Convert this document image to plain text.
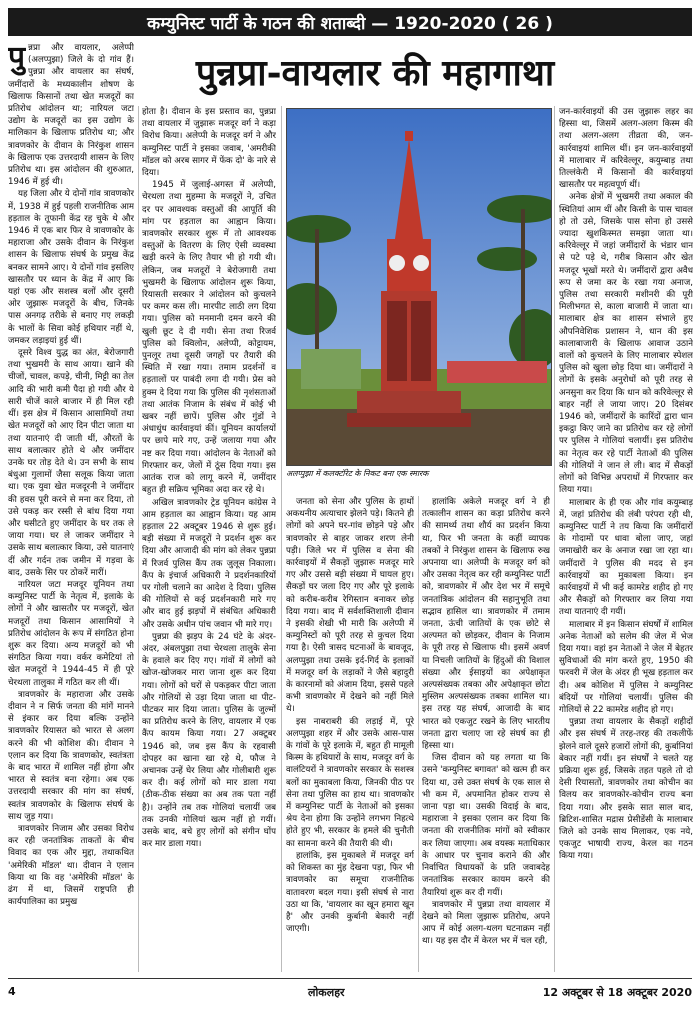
कम्युनिस्ट पार्टी के गठन की शताब्दी — 1920-2020 ( 26 )
पुन्नप्रा-वायलार की महागाथा
पु न्नप्रा और वायलार, अलेप्पी (अलप्पुझा) जिले के दो गांव हैं। पुन्नप्रा और वायलार का संघर्ष, जमींदारों के मध्यकालीन शोषण के खिलाफ किसानों तथा खेत मजदूरों का प्रतिरोध आंदोलन था; नारियल जटा उद्योग के मजदूरों का इस उद्योग के मालिकान के खिलाफ प्रतिरोध था; और त्रावणकोर के दीवान के निरंकुश शासन के खिलाफ एक उत्तरदायी शासन के लिए प्रतिरोध था। इस आंदोलन की शुरुआत, 1946 में हुई थी।

यह जिला और ये दोनों गांव त्रावणकोर में, 1938 में हुई पहली राजनीतिक आम हड़ताल के तूफानी केंद्र रह चुके थे और 1946 में एक बार फिर वे त्रावणकोर के महाराजा और उसके दीवान के निरंकुश शासन के खिलाफ संघर्ष के प्रमुख केंद्र बनकर सामने आए। ये दोनों गांव इसलिए खासतौर पर ध्यान के केंद्र में आए कि यहां एक और सशस्त्र बलों और दूसरी ओर जुझारू मजदूरों के बीच, जिनके पास अनगढ़ तरीके से बनाए गए लकड़ी के भालों के सिवा कोई हथियार नहीं थे, जमकर लड़ाइयां हुई थीं।

दूसरे विश्व युद्ध का अंत, बेरोजगारी तथा भुखमरी के साथ आया। खाने की चीजों, चावल, कपड़े, चीनी, मिट्टी का तेल आदि की भारी कमी पैदा हो गयी और ये सारी चीजें काले बाजार में ही मिल रही थीं। इस क्षेत्र में किसान आसामियों तथा खेत मजदूरों को आए दिन पीटा जाता था तथा यातनाएं दी जाती थीं, औरतों के साथ बलात्कार होते थे और जमींदार उनके घर तोड़ देते थे। उन सभी के साथ बंधुआ गुलामों जैसा सलूक किया जाता था। एक युवा खेत मजदूरनी ने जमींदार की हवस पूरी करने से मना कर दिया, तो उसे पकड़ कर रस्सी से बांध दिया गया और घसीटते हुए जमींदार के घर तक ले जाया गया। घर ले जाकर जमींदार ने उसके साथ बलात्कार किया, उसे यातनाएं दीं और गर्दन तक जमीन में गड़वा के बाद, उसके सिर पर ठोकरें मारीं।

नारियल जटा मजदूर यूनियन तथा कम्युनिस्ट पार्टी के नेतृत्व में, इलाके के लोगों ने और खासतौर पर मजदूरों, खेत मजदूरों तथा किसान आसामियों ने प्रतिरोध आंदोलन के रूप में संगठित होना शुरू कर दिया। अन्य मजदूरों को भी संगठित किया गया। वर्कर कमेटियां तो खेत मजदूरों ने 1944-45 में ही पूरे चेरथला तालुका में गठित कर ली थीं।

त्रावणकोर के महाराजा और उसके दीवान ने न सिर्फ जनता की मांगें मानने से इंकार कर दिया बल्कि उन्होंने त्रावणकोर रियासत को भारत से अलग करने की भी कोशिश की। दीवान ने एलान कर दिया कि त्रावणकोर, स्वतंत्रता के बाद भारत में शामिल नहीं होगा और भारत से स्वतंत्र बना रहेगा। अब एक उत्तरदायी सरकार की मांग का संघर्ष, स्वतंत्र त्रावणकोर के खिलाफ संघर्ष के साथ जुड़ गया।

त्रावणकोर निजाम और उसका विरोध कर रही जनतांत्रिक ताकतों के बीच विवाद का एक और मुद्दा, तथाकथित 'अमेरिकी मॉडल' था। दीवान ने एलान किया था कि वह 'अमेरिकी मॉडल' के ढंग में था, जिसमें राष्ट्रपति ही कार्यपालिका का प्रमुख

होता है। दीवान के इस प्रस्ताव का, पुन्नप्रा तथा वायलार में जुझारू मजदूर वर्ग ने कड़ा विरोध किया। अलेप्पी के मजदूर वर्ग ने और कम्युनिस्ट पार्टी ने इसका जवाब, 'अमरीकी मॉडल को अरब सागर में फेंक दो' के नारे से दिया।

1945 में जुलाई-अगस्त में अलेप्पी, चेरथला तथा मुहम्मा के मजदूरों ने, उचित दर पर आवश्यक वस्तुओं की आपूर्ति की मांग पर हड़ताल का आह्वान किया। त्रावणकोर सरकार शुरू में तो आवश्यक वस्तुओं के वितरण के लिए ऐसी व्यवस्था खड़ी करने के लिए तैयार भी हो गयी थी। लेकिन, जब मजदूरों ने बेरोजगारी तथा भुखमरी के खिलाफ आंदोलन शुरू किया, रियासती सरकार ने आंदोलन को कुचलने पर कमर कस ली। मारपीट लाठी लग दिया गया। पुलिस को मनमानी दमन करने की खुली छूट दे दी गयी। सेना तथा रिजर्व पुलिस को क्विलोन, अलेप्पी, कोट्टायम, पुनलूर तथा दूसरी जगहों पर तैयारी की स्थिति में रखा गया। तमाम प्रदर्शनों व हड़तालों पर पाबंदी लगा दी गयी। प्रेस को हुक्म दे दिया गया कि पुलिस की नृशंसताओं तथा आतंक निजाम के संबंध में कोई भी खबर नहीं छापें। पुलिस और गुंडों ने अंधाधुंध कार्रवाइयां कीं। यूनियन कार्यालयों पर छापे मारे गए, उन्हें जलाया गया और नष्ट कर दिया गया। आंदोलन के नेताओं को गिरफ्तार कर, जेलों में ठूंस दिया गया। इस आतंक राज को लागू करने में, जमींदार बहुत ही सक्रिय भूमिका अदा कर रहे थे।

अखिल त्रावणकोर ट्रेड यूनियन कांग्रेस ने आम हड़ताल का आह्वान किया। यह आम हड़ताल 22 अक्टूबर 1946 से शुरू हुई। बड़ी संख्या में मजदूरों ने प्रदर्शन शुरू कर दिया और आजादी की मांग को लेकर पुन्नप्रा में रिजर्व पुलिस कैंप तक जुलूस निकाला। कैंप के इंचार्ज अधिकारी ने प्रदर्शनकारियों पर गोली चलाने का आदेश दे दिया। पुलिस की गोलियों से कई प्रदर्शनकारी मारे गए और बाद हुई झड़पों में संबंधित अधिकारी और उसके अधीन पांच जवान भी मारे गए।

पुन्नप्रा की झड़प के 24 घंटे के अंदर-अंदर, अंबलपुझा तथा चेरथला तालुके सेना के हवाले कर दिए गए। गांवों में लोगों को खोज-खोजकर मारा जाना शुरू कर दिया गया। लोगों को घरों से पकड़कर पीटा जाता और गोलियों से उड़ा दिया जाता था पीट-पीटकर मार दिया जाता। पुलिस के जुल्मों का प्रतिरोध करने के लिए, वायलार में एक कैंप कायम किया गया। 27 अक्टूबर 1946 को, जब इस कैंप के रहवासी दोपहर का खाना खा रहे थे, फौज ने अचानक उन्हें घेर लिया और गोलीबारी शुरू कर दी। कई लोगों को मार डाला गया (ठीक-ठीक संख्या का अब तक पता नहीं है)। उन्होंने तब तक गोलियां चलायीं जब तक उनकी गोलियां खत्म नहीं हो गयीं। उसके बाद, बचे हुए लोगों को संगीन घोंप कर मार डाला गया।

अलप्पुझा में कलक्टॉरेट के निकट बना एक स्मारक

जनता को सेना और पुलिस के हाथों अकथनीय अत्याचार झेलने पड़े। कितने ही लोगों को अपने घर-गांव छोड़ने पड़े और त्रावणकोर से बाहर जाकर शरण लेनी पड़ी। जिले भर में पुलिस व सेना की कार्रवाइयों में सैकड़ों जुझारू मजदूर मारे गए और उससे बड़ी संख्या में घायल हुए। सैकड़ों घर जला दिए गए और पूरे इलाके को करीब-करीब रेगिस्तान बनाकर छोड़ दिया गया। बाद में सर्वशक्तिशाली दीवान ने इसकी शेखी भी मारी कि अलेप्पी में कम्युनिस्टों को पूरी तरह से कुचल दिया गया है। ऐसी त्रासद घटनाओं के बावजूद, अलप्पुझा तथा उसके इर्द-गिर्द के इलाकों में मजदूर वर्ग के लड़ाकों ने जैसे बहादुरी के कारनामों को अंजाम दिया, इससे पहले कभी त्रावणकोर में देखने को नहीं मिले थे।

इस नाबराबरी की लड़ाई में, पूरे अलप्पुझा शहर में और उसके आस-पास के गांवों के पूरे इलाके में, बहुत ही मामूली किस्म के हथियारों के साथ, मजदूर वर्ग के वालंटियरों ने त्रावणकोर सरकार के सशस्त्र बलों का मुकाबला किया, जिनकी पीठ पर सेना तथा पुलिस का हाथ था। त्रावणकोर में कम्युनिस्ट पार्टी के नेताओं को इसका श्रेय देना होगा कि उन्होंने लगभग निहत्थे होते हुए भी, सरकार के हमले की चुनौती का सामना करने की तैयारी की थी।

हालांकि, इस मुकाबले में मजदूर वर्ग को शिकस्त का मुंह देखना पड़ा, फिर भी त्रावणकोर का समूचा राजनीतिक वातावरण बदल गया। इसी संघर्ष से नारा उठा था कि, 'वायलार का खून हमारा खून है' और उनकी कुर्बानी बेकारी नहीं जाएगी।

हालांकि अकेले मजदूर वर्ग ने ही तत्कालीन शासन का कड़ा प्रतिरोध करने की सामर्थ्य तथा शौर्य का प्रदर्शन किया था, फिर भी जनता के कहीं व्यापक तबकों ने निरंकुश शासन के खिलाफ रुख अपनाया था। अलेप्पी के मजदूर वर्ग को और उसका नेतृत्व कर रही कम्युनिस्ट पार्टी को, त्रावणकोर में और देश भर में समूचे जनतांत्रिक आंदोलन की सहानुभूति तथा सद्भाव हासिल था। त्रावणकोर में तमाम जनता, ऊंची जातियों के एक छोटे से अल्पमत को छोड़कर, दीवान के निजाम के पूरी तरह से खिलाफ थी। इसमें अवर्ण या निचली जातियों के हिंदुओं की विशाल संख्या और ईसाइयों का अपेक्षाकृत अल्पसंख्यक तबका और अपेक्षाकृत छोटा मुस्लिम अल्पसंख्यक तबका शामिल था। इस तरह यह संघर्ष, आजादी के बाद भारत को एकजुट रखने के लिए भारतीय जनता द्वारा चलाए जा रहे संघर्ष का ही हिस्सा था।

जिस दीवान को यह लगता था कि उसने 'कम्युनिस्ट बगावत' को खत्म ही कर दिया था, उसे उक्त संघर्ष के एक साल से भी कम में, अपमानित होकर राज्य से जाना पड़ा था। उसकी विदाई के बाद, महाराजा ने इसका एलान कर दिया कि जनता की राजनीतिक मांगों को स्वीकार कर लिया जाएगा। अब वयस्क मताधिकार के आधार पर चुनाव कराने की और निर्वाचित विधायकों के प्रति जवाबदेह जनतांत्रिक सरकार कायम करने की तैयारियां शुरू कर दी गयीं।

त्रावणकोर में पुन्नप्रा तथा वायलार में देखने को मिला जुझारू प्रतिरोध, अपने आप में कोई अलग-थलग घटनाक्रम नहीं था। यह इस दौर में केरल भर में चल रही,

जन-कार्रवाइयों की उस जुझारू लहर का हिस्सा था, जिसमें अलग-अलग किस्म की तथा अलग-अलग तीव्रता की, जन-कार्रवाइयां शामिल थीं। इन जन-कार्रवाइयों में मालाबार में करिवेल्लूर, कयुम्बाड़ तथा तिल्लंकेरी में किसानों की कार्रवाइयां खासतौर पर महत्वपूर्ण थीं।

अनेक क्षेत्रों में भुखमरी तथा अकाल की स्थितियां आम थीं और किसी के पास चावल हो तो उसे, जिसके पास सोना हो उससे ज्यादा खुशकिस्मत समझा जाता था। करिवेल्लूर में जहां जमींदारों के भंडार धान से पटे पड़े थे, गरीब किसान और खेत मजदूर भूखों मरते थे। जमींदारों द्वारा अवैध रूप से जमा कर के रखा गया अनाज, पुलिस तथा सरकारी मशीनरी की पूरी मिलीभगत से, काला बाजारी में जाता था। मालाबार क्षेत्र का शासन संभाले हुए औपनिवेशिक प्रशासन ने, धान की इस कालाबाजारी के खिलाफ आवाज उठाने वालों को कुचलने के लिए मालाबार स्पेशल पुलिस को खुला छोड़ दिया था। जमींदारों ने लोगों के इसके अनुरोधों को पूरी तरह से अनसुना कर दिया कि धान को करिवेल्लूर से बाहर नहीं ले जाया जाए। 20 दिसंबर 1946 को, जमींदारों के कारिंदों द्वारा धान इकट्ठा किए जाने का प्रतिरोध कर रहे लोगों पर पुलिस ने गोलियां चलायीं। इस प्रतिरोध का नेतृत्व कर रहे पार्टी नेताओं की पुलिस की गोलियों ने जान ले ली। बाद में सैकड़ों लोगों को विभिन्न अपराधों में गिरफ्तार कर लिया गया।

मालाबार के ही एक और गांव कयुम्बाड़ में, जहां प्रतिरोध की लंबी परंपरा रही थी, कम्युनिस्ट पार्टी ने तय किया कि जमींदारों के गोदामों पर धावा बोला जाए, जहां जमाखोरी कर के अनाज रखा जा रहा था। जमींदारों ने पुलिस की मदद से इन कार्रवाइयों का मुकाबला किया। इन कार्रवाइयों में भी कई कामरेड शहीद हो गए और सैकड़ों को गिरफ्तार कर लिया गया तथा यातनाएं दी गयीं।

मालाबार में इन किसान संघर्षों में शामिल अनेक नेताओं को सलेम की जेल में भेज दिया गया। वहां इन नेताओं ने जेल में बेहतर सुविधाओं की मांग करते हुए, 1950 की फरवरी में जेल के अंदर ही भूख हड़ताल कर दी। अब कोशिश में पुलिस ने कम्युनिस्ट बंदियों पर गोलियां चलायीं। पुलिस की गोलियों से 22 कामरेड शहीद हो गए।

पुन्नप्रा तथा वायलार के सैकड़ों शहीदों और इस संघर्ष में तरह-तरह की तकलीफें झेलने वाले दूसरे हजारों लोगों की, कुर्बानियां बेकार नहीं गयीं। इन संघर्षों ने चलते यह प्रक्रिया शुरू हुई, जिसके तहत पहले तो दो देसी रियासतों, त्रावणकोर तथा कोचीन का विलय कर त्रावणकोर-कोचीन राज्य बना दिया गया। और इसके सात साल बाद, ब्रिटिश-शासित मद्रास प्रेसीडेंसी के मालाबार जिले को उनके साथ मिलाकर, एक नये, एकजुट भाषायी राज्य, केरल का गठन किया गया।

4	लोकलहर	12 अक्टूबर से 18 अक्टूबर 2020
